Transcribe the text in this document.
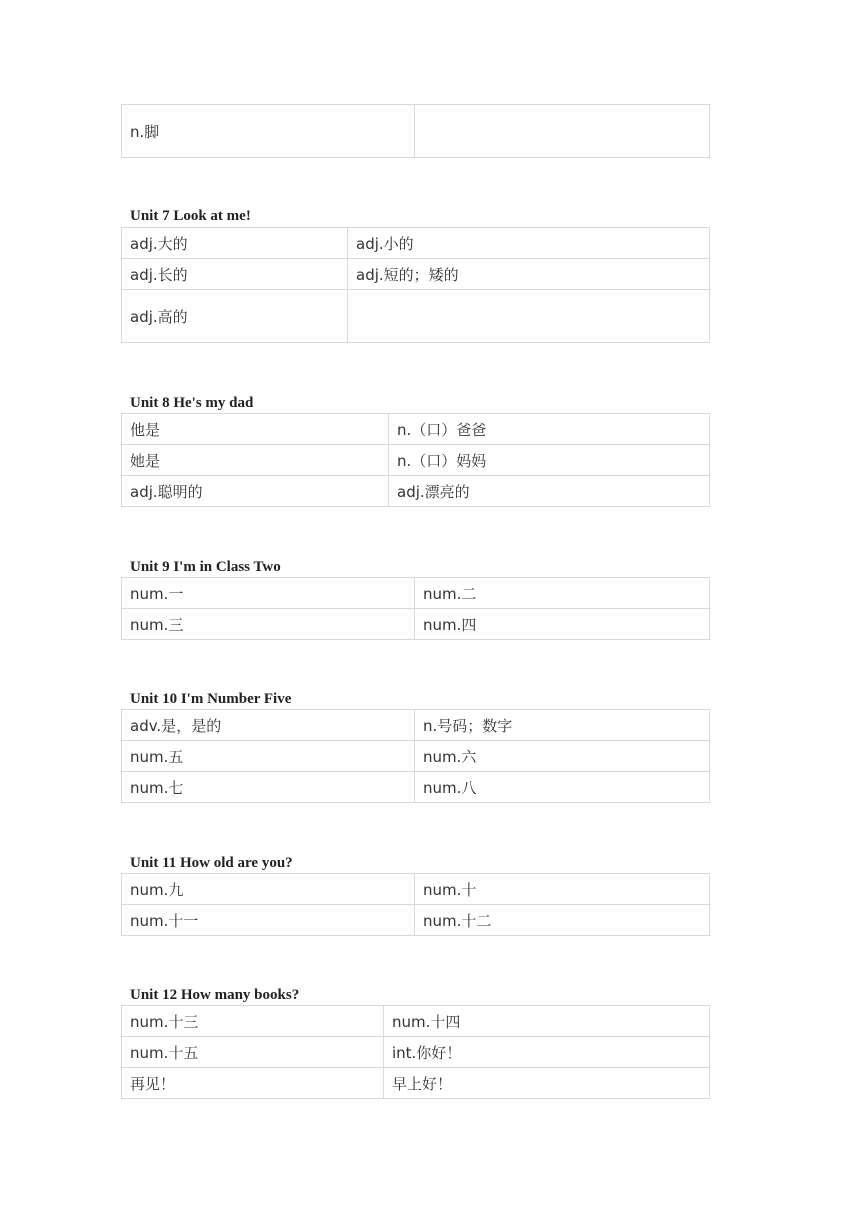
n.脚	
Unit 7 Look at me!
adj.大的	adj.小的
adj.长的	adj.短的；矮的
adj.高的	
Unit 8 He's my dad
他是	n.（口）爸爸
她是	n.（口）妈妈
adj.聪明的	adj.漂亮的
Unit 9 I'm in Class Two
num.一	num.二
num.三	num.四
Unit 10 I'm Number Five
adv.是，是的	n.号码；数字
num.五	num.六
num.七	num.八
Unit 11 How old are you?
num.九	num.十
num.十一	num.十二
Unit 12 How many books?
num.十三	num.十四
num.十五	int.你好！
再见！	早上好！
